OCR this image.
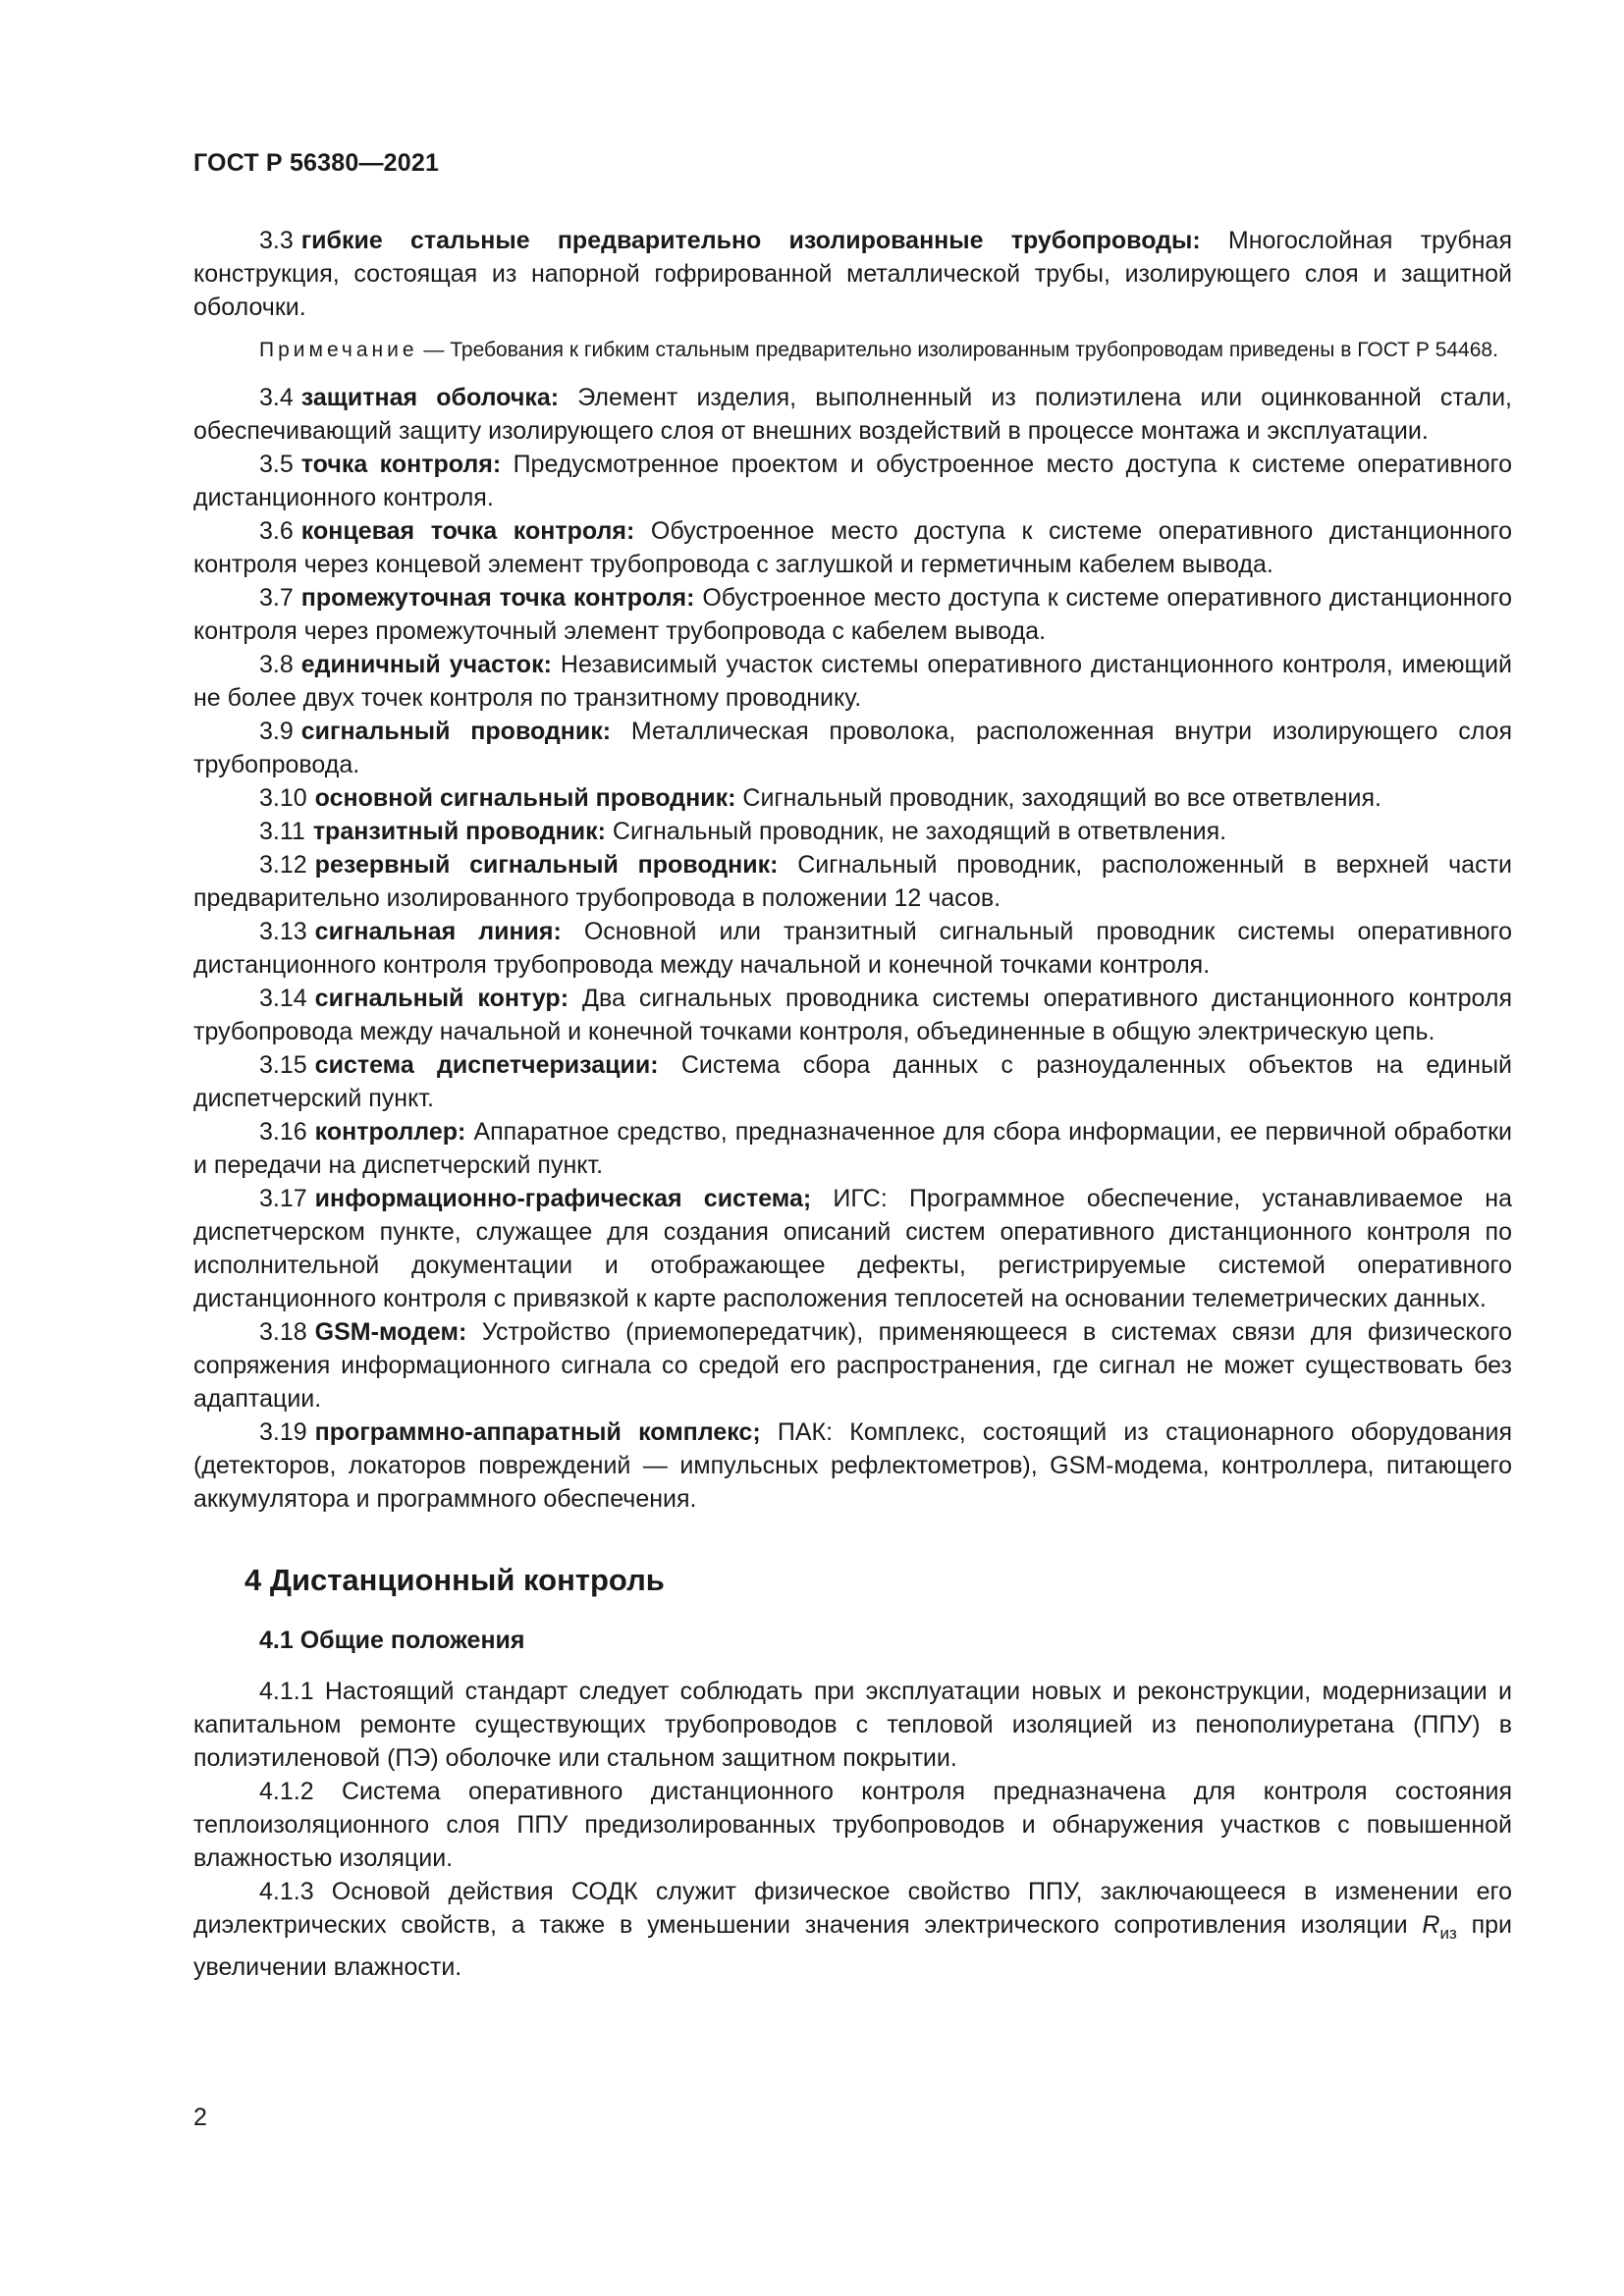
ГОСТ Р 56380—2021

3.3 гибкие стальные предварительно изолированные трубопроводы: Многослойная трубная конструкция, состоящая из напорной гофрированной металлической трубы, изолирующего слоя и защитной оболочки.

Примечание — Требования к гибким стальным предварительно изолированным трубопроводам приведены в ГОСТ Р 54468.

3.4 защитная оболочка: Элемент изделия, выполненный из полиэтилена или оцинкованной стали, обеспечивающий защиту изолирующего слоя от внешних воздействий в процессе монтажа и эксплуатации.

3.5 точка контроля: Предусмотренное проектом и обустроенное место доступа к системе оперативного дистанционного контроля.

3.6 концевая точка контроля: Обустроенное место доступа к системе оперативного дистанционного контроля через концевой элемент трубопровода с заглушкой и герметичным кабелем вывода.

3.7 промежуточная точка контроля: Обустроенное место доступа к системе оперативного дистанционного контроля через промежуточный элемент трубопровода с кабелем вывода.

3.8 единичный участок: Независимый участок системы оперативного дистанционного контроля, имеющий не более двух точек контроля по транзитному проводнику.

3.9 сигнальный проводник: Металлическая проволока, расположенная внутри изолирующего слоя трубопровода.

3.10 основной сигнальный проводник: Сигнальный проводник, заходящий во все ответвления.

3.11 транзитный проводник: Сигнальный проводник, не заходящий в ответвления.

3.12 резервный сигнальный проводник: Сигнальный проводник, расположенный в верхней части предварительно изолированного трубопровода в положении 12 часов.

3.13 сигнальная линия: Основной или транзитный сигнальный проводник системы оперативного дистанционного контроля трубопровода между начальной и конечной точками контроля.

3.14 сигнальный контур: Два сигнальных проводника системы оперативного дистанционного контроля трубопровода между начальной и конечной точками контроля, объединенные в общую электрическую цепь.

3.15 система диспетчеризации: Система сбора данных с разноудаленных объектов на единый диспетчерский пункт.

3.16 контроллер: Аппаратное средство, предназначенное для сбора информации, ее первичной обработки и передачи на диспетчерский пункт.

3.17 информационно-графическая система; ИГС: Программное обеспечение, устанавливаемое на диспетчерском пункте, служащее для создания описаний систем оперативного дистанционного контроля по исполнительной документации и отображающее дефекты, регистрируемые системой оперативного дистанционного контроля с привязкой к карте расположения теплосетей на основании телеметрических данных.

3.18 GSM-модем: Устройство (приемопередатчик), применяющееся в системах связи для физического сопряжения информационного сигнала со средой его распространения, где сигнал не может существовать без адаптации.

3.19 программно-аппаратный комплекс; ПАК: Комплекс, состоящий из стационарного оборудования (детекторов, локаторов повреждений — импульсных рефлектометров), GSM-модема, контроллера, питающего аккумулятора и программного обеспечения.

4 Дистанционный контроль
4.1 Общие положения

4.1.1 Настоящий стандарт следует соблюдать при эксплуатации новых и реконструкции, модернизации и капитальном ремонте существующих трубопроводов с тепловой изоляцией из пенополиуретана (ППУ) в полиэтиленовой (ПЭ) оболочке или стальном защитном покрытии.

4.1.2 Система оперативного дистанционного контроля предназначена для контроля состояния теплоизоляционного слоя ППУ предизолированных трубопроводов и обнаружения участков с повышенной влажностью изоляции.

4.1.3 Основой действия СОДК служит физическое свойство ППУ, заключающееся в изменении его диэлектрических свойств, а также в уменьшении значения электрического сопротивления изоляции $R_{из}$ при увеличении влажности.

2
